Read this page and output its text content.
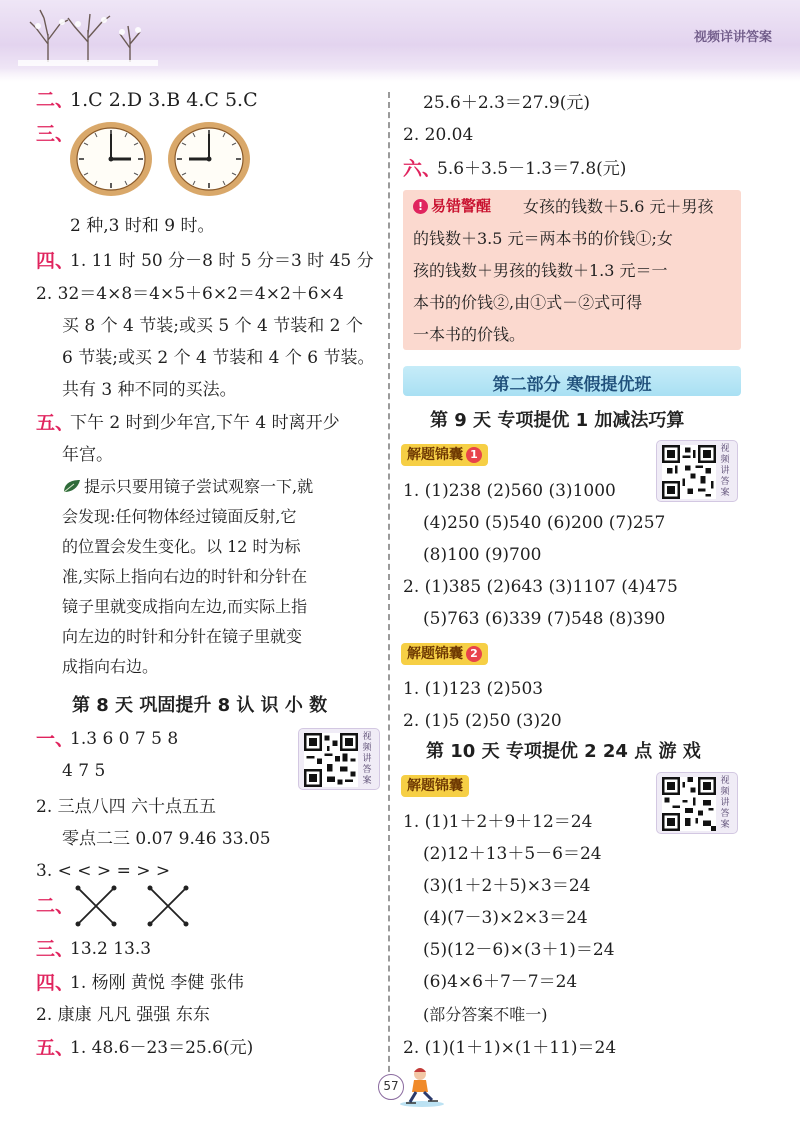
视频详讲答案
二、
1.C 2.D 3.B 4.C 5.C
三、
2 种,3 时和 9 时。
四、
1. 11 时 50 分－8 时 5 分＝3 时 45 分
2. 32＝4×8＝4×5＋6×2＝4×2＋6×4
买 8 个 4 节装;或买 5 个 4 节装和 2 个
6 节装;或买 2 个 4 节装和 4 个 6 节装。
共有 3 种不同的买法。
五、
下午 2 时到少年宫,下午 4 时离开少
年宫。
提示只要用镜子尝试观察一下,就
会发现:任何物体经过镜面反射,它
的位置会发生变化。以 12 时为标
准,实际上指向右边的时针和分针在
镜子里就变成指向左边,而实际上指
向左边的时针和分针在镜子里就变
成指向右边。
第 8 天 巩固提升 8 认 识 小 数
一、
1.3 6 0 7 5 8
4 7 5
视频讲答案
2. 三点八四 六十点五五
零点二三 0.07 9.46 33.05
3. < < > = > >
二、
三、
13.2 13.3
四、
1. 杨刚 黄悦 李健 张伟
2. 康康 凡凡 强强 东东
五、
1. 48.6－23＝25.6(元)
25.6＋2.3＝27.9(元)
2. 20.04
六、
5.6＋3.5－1.3＝7.8(元)
! 易错警醒 女孩的钱数＋5.6 元＋男孩
的钱数＋3.5 元＝两本书的价钱①;女
孩的钱数＋男孩的钱数＋1.3 元＝一
本书的价钱②,由①式－②式可得
一本书的价钱。
第二部分 寒假提优班
第 9 天 专项提优 1 加减法巧算
解题锦囊 1	视频讲答案
1. (1)238 (2)560 (3)1000
(4)250 (5)540 (6)200 (7)257
(8)100 (9)700
2. (1)385 (2)643 (3)1107 (4)475
(5)763 (6)339 (7)548 (8)390
解题锦囊 2
1. (1)123 (2)503
2. (1)5 (2)50 (3)20
第 10 天 专项提优 2 24 点 游 戏
解题锦囊	视频讲答案
1. (1)1＋2＋9＋12＝24
(2)12＋13＋5－6＝24
(3)(1＋2＋5)×3＝24
(4)(7－3)×2×3＝24
(5)(12－6)×(3＋1)＝24
(6)4×6＋7－7＝24
(部分答案不唯一)
2. (1)(1＋1)×(1＋11)＝24
57
